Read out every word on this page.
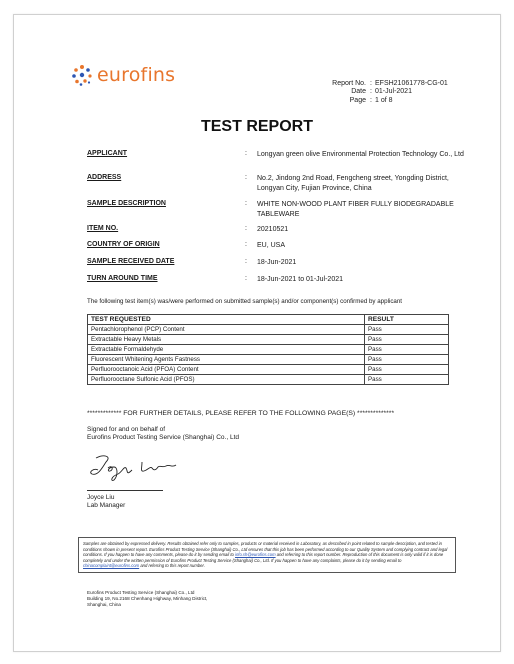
eurofins	Report No. : EFSH21061778-CG-01
Date : 01-Jul-2021
Page : 1 of 8
TEST REPORT
APPLICANT	: Longyan green olive Environmental Protection Technology Co., Ltd
ADDRESS	: No.2, Jindong 2nd Road, Fengcheng street, Yongding District, Longyan City, Fujian Province, China
SAMPLE DESCRIPTION	: WHITE NON-WOOD PLANT FIBER FULLY BIODEGRADABLE TABLEWARE
ITEM NO.	: 20210521
COUNTRY OF ORIGIN	: EU, USA
SAMPLE RECEIVED DATE	: 18-Jun-2021
TURN AROUND TIME	: 18-Jun-2021 to 01-Jul-2021
The following test item(s) was/were performed on submitted sample(s) and/or component(s) confirmed by applicant
TEST REQUESTED	RESULT
Pentachlorophenol (PCP) Content	Pass
Extractable Heavy Metals	Pass
Extractable Formaldehyde	Pass
Fluorescent Whitening Agents Fastness	Pass
Perfluorooctanoic Acid (PFOA) Content	Pass
Perfluorooctane Sulfonic Acid (PFOS)	Pass
************* FOR FURTHER DETAILS, PLEASE REFER TO THE FOLLOWING PAGE(S) **************
Signed for and on behalf of
Eurofins Product Testing Service (Shanghai) Co., Ltd
Joyce Liu
Lab Manager
Samples are obtained by expressed delivery. Results obtained refer only to samples, products or material received in Laboratory, as described in point related to sample description, and tested in conditions shown in present report. Eurofins Product Testing Service (Shanghai) Co., Ltd ensures that this job has been performed according to our Quality System and complying contract and legal conditions. If you happen to have any comments, please do it by sending email to info.sh@eurofins.com and referring to this report number. Reproduction of this document is only valid if it is done completely and under the written permission of Eurofins Product Testing Service (Shanghai) Co., Ltd. If you happen to have any complaints, please do it by sending email to chinacomplaint@eurofins.com and referring to this report number.
Eurofins Product Testing Service (Shanghai) Co., Ltd
Building 19, No.2168 Chenhang Highway, Minhang District,
Shanghai, China
